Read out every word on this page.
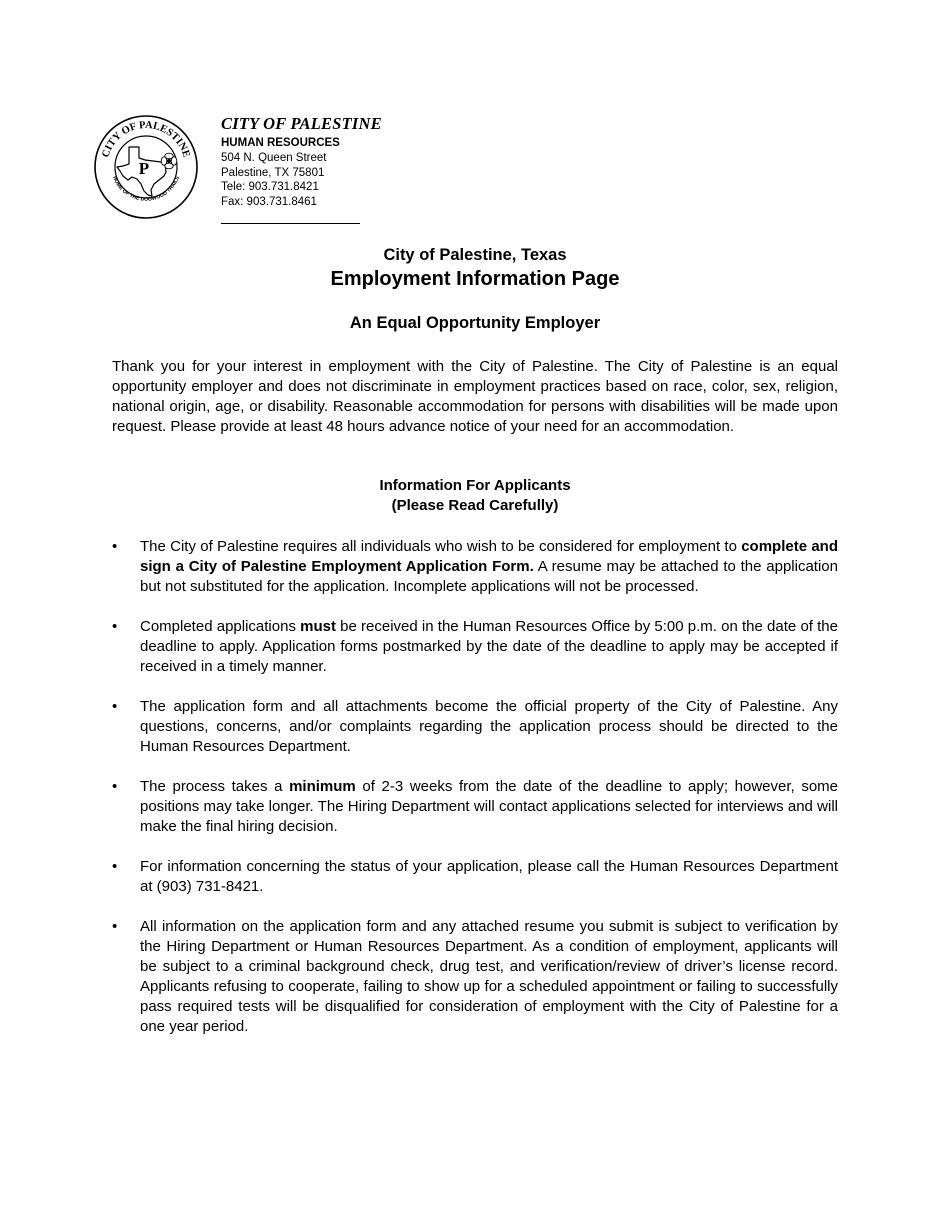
CITY OF PALESTINE
HOME OF THE DOGWOOD TRAILS
P
CITY OF PALESTINE
HUMAN RESOURCES
504 N. Queen Street
Palestine, TX 75801
Tele: 903.731.8421
Fax: 903.731.8461
City of Palestine, Texas
Employment Information Page
An Equal Opportunity Employer

Thank you for your interest in employment with the City of Palestine. The City of Palestine is an equal opportunity employer and does not discriminate in employment practices based on race, color, sex, religion, national origin, age, or disability. Reasonable accommodation for persons with disabilities will be made upon request. Please provide at least 48 hours advance notice of your need for an accommodation.

Information For Applicants
(Please Read Carefully)
•	The City of Palestine requires all individuals who wish to be considered for employment to complete and sign a City of Palestine Employment Application Form. A resume may be attached to the application but not substituted for the application. Incomplete applications will not be processed.
•	Completed applications must be received in the Human Resources Office by 5:00 p.m. on the date of the deadline to apply. Application forms postmarked by the date of the deadline to apply may be accepted if received in a timely manner.
•	The application form and all attachments become the official property of the City of Palestine. Any questions, concerns, and/or complaints regarding the application process should be directed to the Human Resources Department.
•	The process takes a minimum of 2-3 weeks from the date of the deadline to apply; however, some positions may take longer. The Hiring Department will contact applications selected for interviews and will make the final hiring decision.
•	For information concerning the status of your application, please call the Human Resources Department at (903) 731-8421.
•	All information on the application form and any attached resume you submit is subject to verification by the Hiring Department or Human Resources Department. As a condition of employment, applicants will be subject to a criminal background check, drug test, and verification/review of driver’s license record. Applicants refusing to cooperate, failing to show up for a scheduled appointment or failing to successfully pass required tests will be disqualified for consideration of employment with the City of Palestine for a one year period.
